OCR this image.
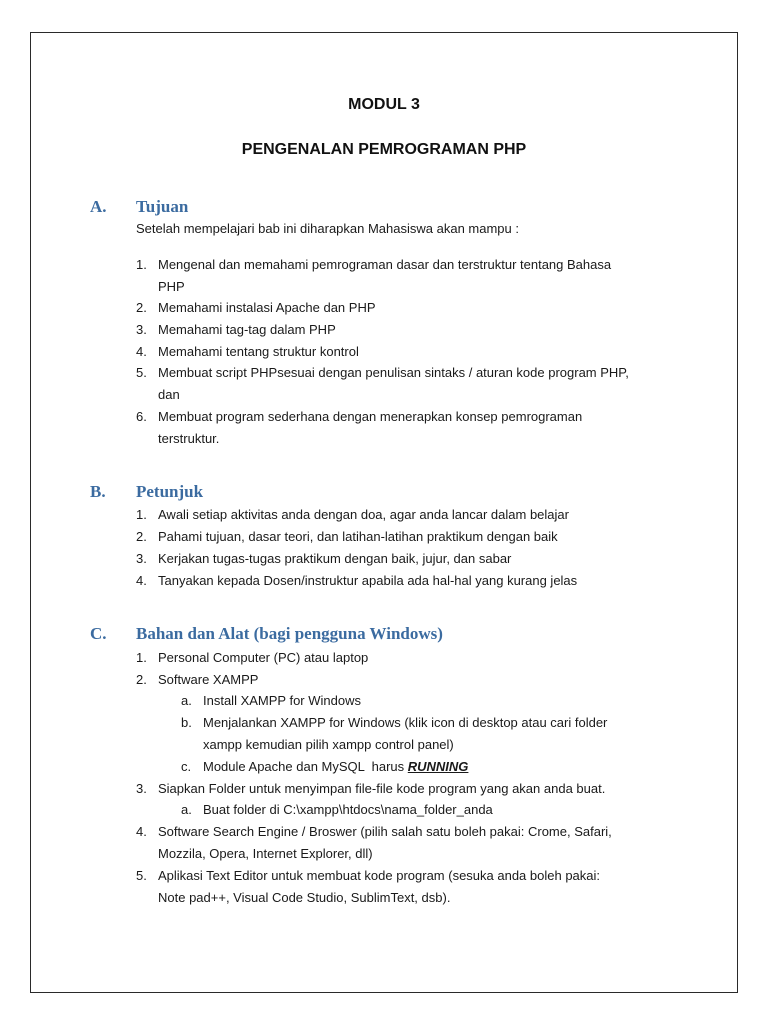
MODUL 3
PENGENALAN PEMROGRAMAN PHP
A. Tujuan
Setelah mempelajari bab ini diharapkan Mahasiswa akan mampu :
1. Mengenal dan memahami pemrograman dasar dan terstruktur tentang Bahasa
PHP
2. Memahami instalasi Apache dan PHP
3. Memahami tag-tag dalam PHP
4. Memahami tentang struktur kontrol
5. Membuat script PHPsesuai dengan penulisan sintaks / aturan kode program PHP,
dan
6. Membuat program sederhana dengan menerapkan konsep pemrograman
terstruktur.
B. Petunjuk
1. Awali setiap aktivitas anda dengan doa, agar anda lancar dalam belajar
2. Pahami tujuan, dasar teori, dan latihan-latihan praktikum dengan baik
3. Kerjakan tugas-tugas praktikum dengan baik, jujur, dan sabar
4. Tanyakan kepada Dosen/instruktur apabila ada hal-hal yang kurang jelas
C. Bahan dan Alat (bagi pengguna Windows)
1. Personal Computer (PC) atau laptop
2. Software XAMPP
a. Install XAMPP for Windows
b. Menjalankan XAMPP for Windows (klik icon di desktop atau cari folder
xampp kemudian pilih xampp control panel)
c. Module Apache dan MySQL  harus RUNNING
3. Siapkan Folder untuk menyimpan file-file kode program yang akan anda buat.
a. Buat folder di C:\xampp\htdocs\nama_folder_anda
4. Software Search Engine / Broswer (pilih salah satu boleh pakai: Crome, Safari,
Mozzila, Opera, Internet Explorer, dll)
5. Aplikasi Text Editor untuk membuat kode program (sesuka anda boleh pakai:
Note pad++, Visual Code Studio, SublimText, dsb).
